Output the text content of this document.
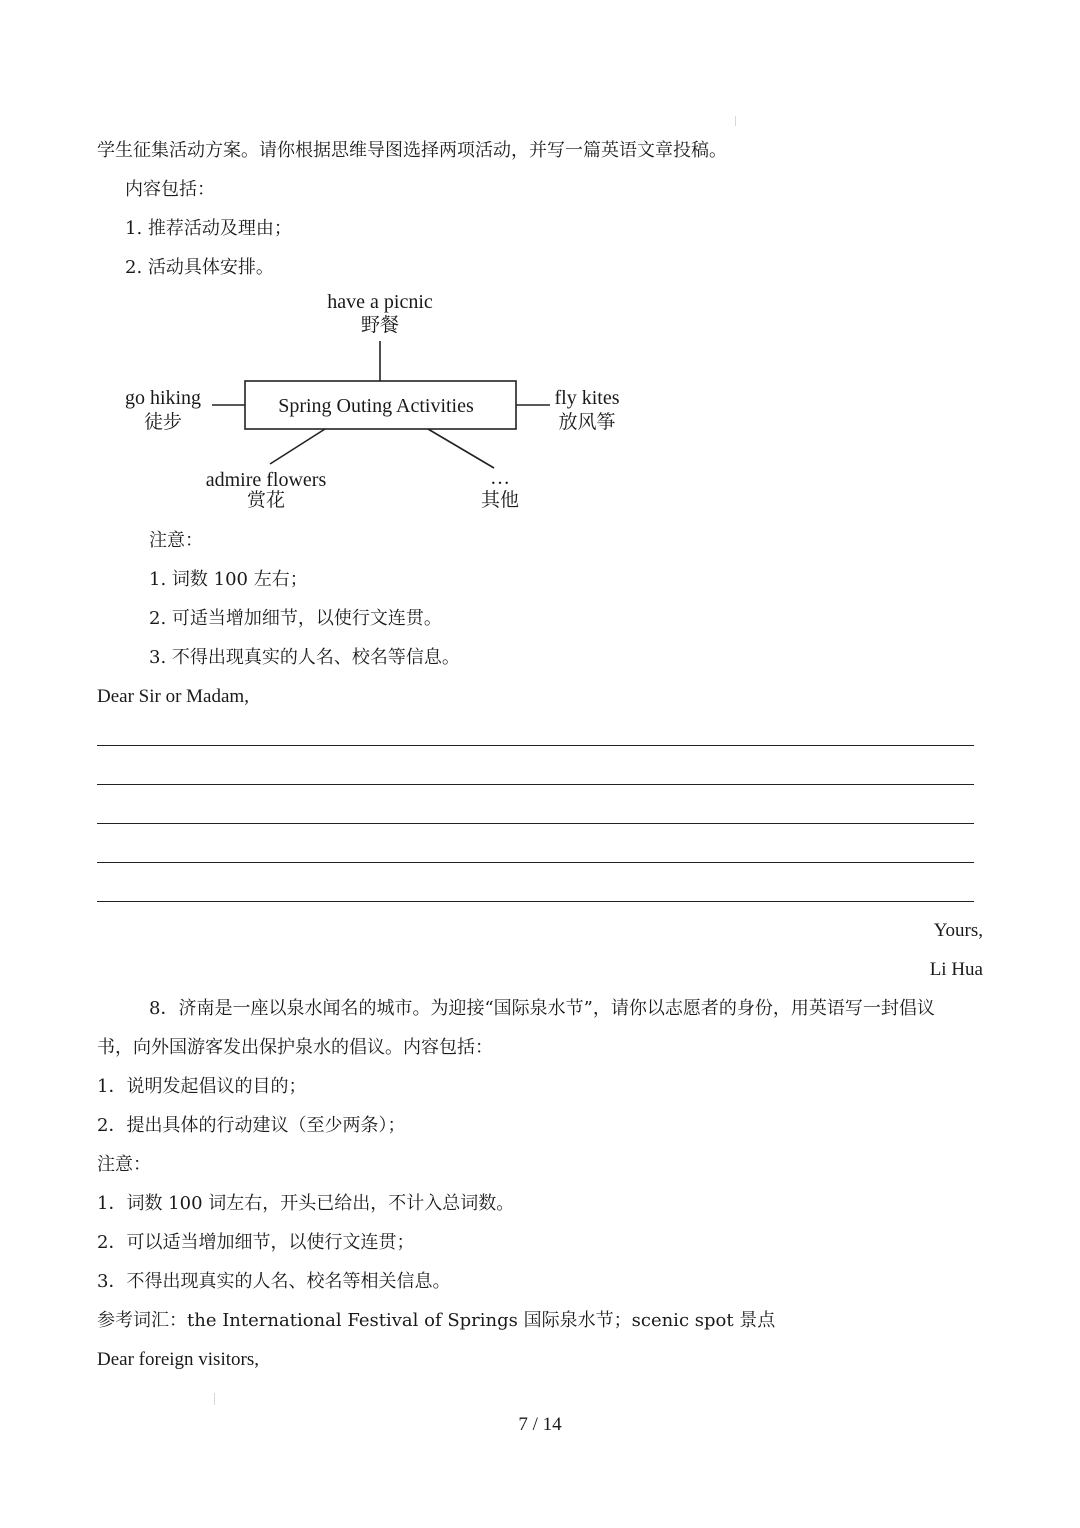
学生征集活动方案。请你根据思维导图选择两项活动，并写一篇英语文章投稿。
内容包括：
1. 推荐活动及理由；
2. 活动具体安排。
Spring Outing Activities
have a picnic
野餐
go hiking
徒步
fly kites
放风筝
admire flowers
赏花
…
其他
注意：
1. 词数 100 左右；
2. 可适当增加细节，以使行文连贯。
3. 不得出现真实的人名、校名等信息。
Dear Sir or Madam,
Yours,
Li Hua
8．济南是一座以泉水闻名的城市。为迎接“国际泉水节”，请你以志愿者的身份，用英语写一封倡议
书，向外国游客发出保护泉水的倡议。内容包括：
1．说明发起倡议的目的；
2．提出具体的行动建议（至少两条）；
注意：
1．词数 100 词左右，开头已给出，不计入总词数。
2．可以适当增加细节，以使行文连贯；
3．不得出现真实的人名、校名等相关信息。
参考词汇：the International Festival of Springs 国际泉水节；scenic spot 景点
Dear foreign visitors,
7 / 14
